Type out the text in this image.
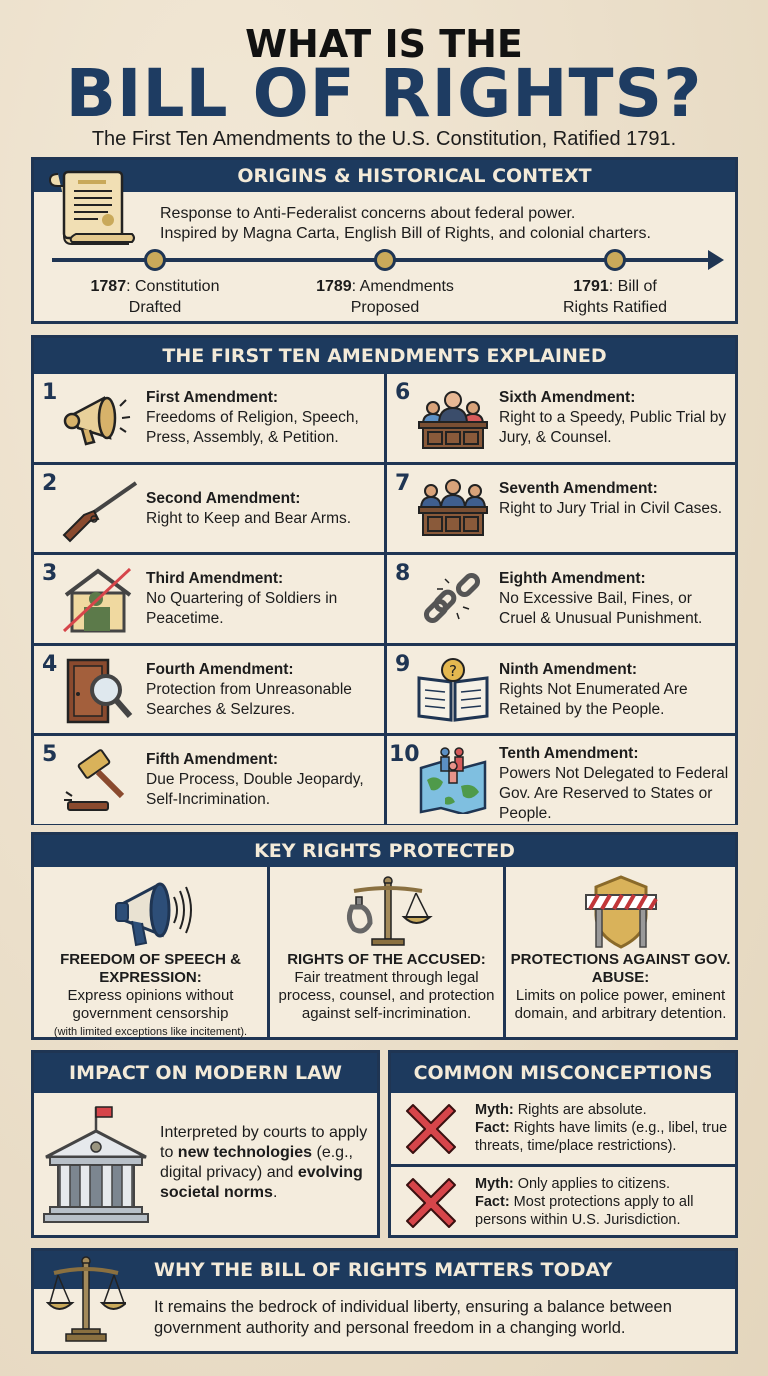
WHAT IS THE
BILL OF RIGHTS?
The First Ten Amendments to the U.S. Constitution, Ratified 1791.
ORIGINS & HISTORICAL CONTEXT
Response to Anti-Federalist concerns about federal power.
Inspired by Magna Carta, English Bill of Rights, and colonial charters.
1787: Constitution
Drafted
1789: Amendments
Proposed
1791: Bill of
Rights Ratified
THE FIRST TEN AMENDMENTS EXPLAINED
1	First Amendment:
Freedoms of Religion, Speech, Press, Assembly, & Petition.
6	Sixth Amendment:
Right to a Speedy, Public Trial by Jury, & Counsel.
2
Second Amendment:
Right to Keep and Bear Arms.
7	Seventh Amendment:
Right to Jury Trial in Civil Cases.
3	Third Amendment:
No Quartering of Soldiers in Peacetime.
8	Eighth Amendment:
No Excessive Bail, Fines, or Cruel & Unusual Punishment.
4	Fourth Amendment:
Protection from Unreasonable Searches & Selzures.
9	?	Ninth Amendment:
Rights Not Enumerated Are Retained by the People.
5	Fifth Amendment:
Due Process, Double Jeopardy, Self-Incrimination.
10	Tenth Amendment:
Powers Not Delegated to Federal Gov. Are Reserved to States or People.
KEY RIGHTS PROTECTED
FREEDOM OF SPEECH & EXPRESSION:
Express opinions without government censorship
(with limited exceptions like incitement).
RIGHTS OF THE ACCUSED:
Fair treatment through legal process, counsel, and protection against self-incrimination.
PROTECTIONS AGAINST GOV. ABUSE:
Limits on police power, eminent domain, and arbitrary detention.
IMPACT ON MODERN LAW
Interpreted by courts to apply to new technologies (e.g., digital privacy) and evolving societal norms.
COMMON MISCONCEPTIONS
Myth: Rights are absolute.
Fact: Rights have limits (e.g., libel, true threats, time/place restrictions).
Myth: Only applies to citizens.
Fact: Most protections apply to all persons within U.S. Jurisdiction.
WHY THE BILL OF RIGHTS MATTERS TODAY
It remains the bedrock of individual liberty, ensuring a balance between government authority and personal freedom in a changing world.
